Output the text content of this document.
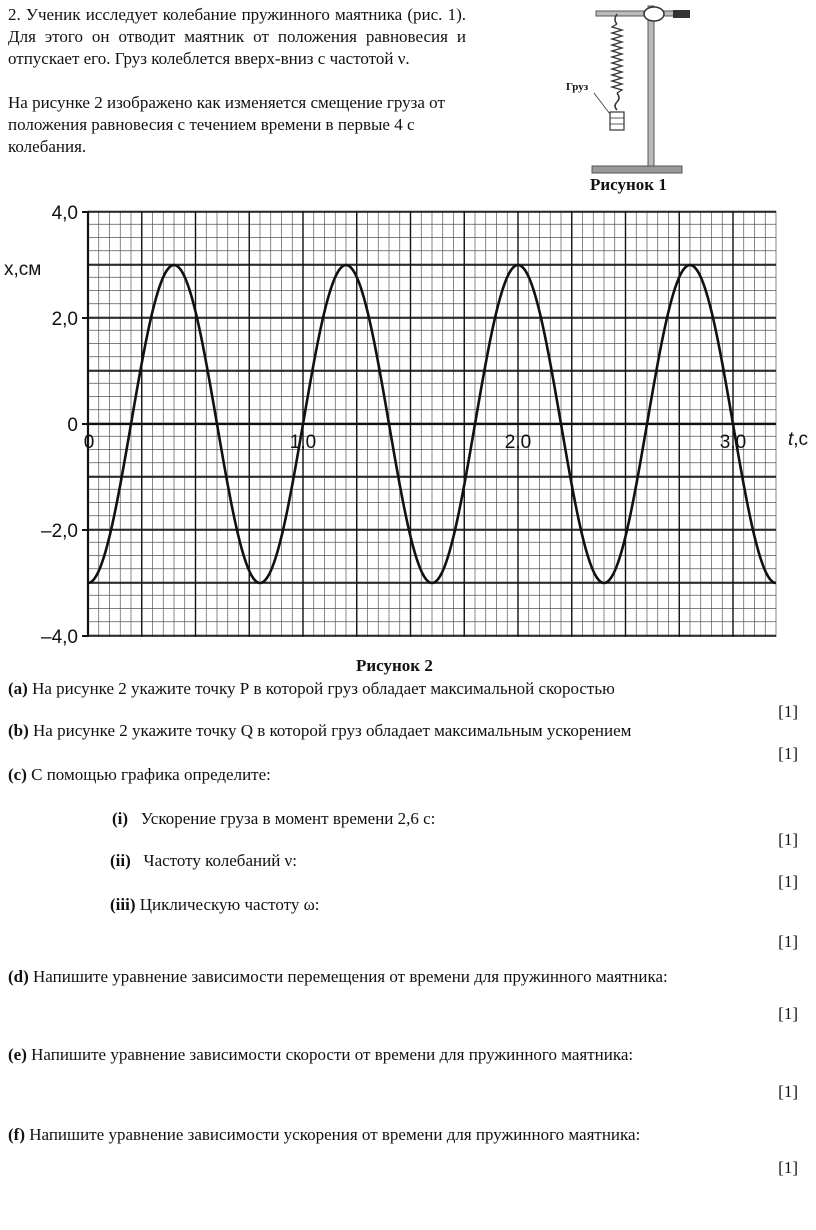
2. Ученик исследует колебание пружинного маятника (рис. 1). Для этого он отводит маятник от положения равновесия и отпускает его. Груз колеблется вверх-вниз с частотой ν.

На рисунке 2 изображено как изменяется смещение груза от положения равновесия с течением времени в первые 4 с колебания.

Груз
Рисунок 1
4,0
2,0
0
–2,0
–4,0
0	1,0	2,0	3,0
x,см
t,c
Рисунок 2
(a) На рисунке 2 укажите точку Р в которой груз обладает максимальной скоростью
[1]
(b) На рисунке 2 укажите точку Q в которой груз обладает максимальным ускорением
[1]
(c) С помощью графика определите:
(i) Ускорение груза в момент времени 2,6 с:
[1]
(ii) Частоту колебаний ν:
[1]
(iii) Циклическую частоту ω:
[1]
(d) Напишите уравнение зависимости перемещения от времени для пружинного маятника:
[1]
(e) Напишите уравнение зависимости скорости от времени для пружинного маятника:
[1]
(f) Напишите уравнение зависимости ускорения от времени для пружинного маятника:
[1]
